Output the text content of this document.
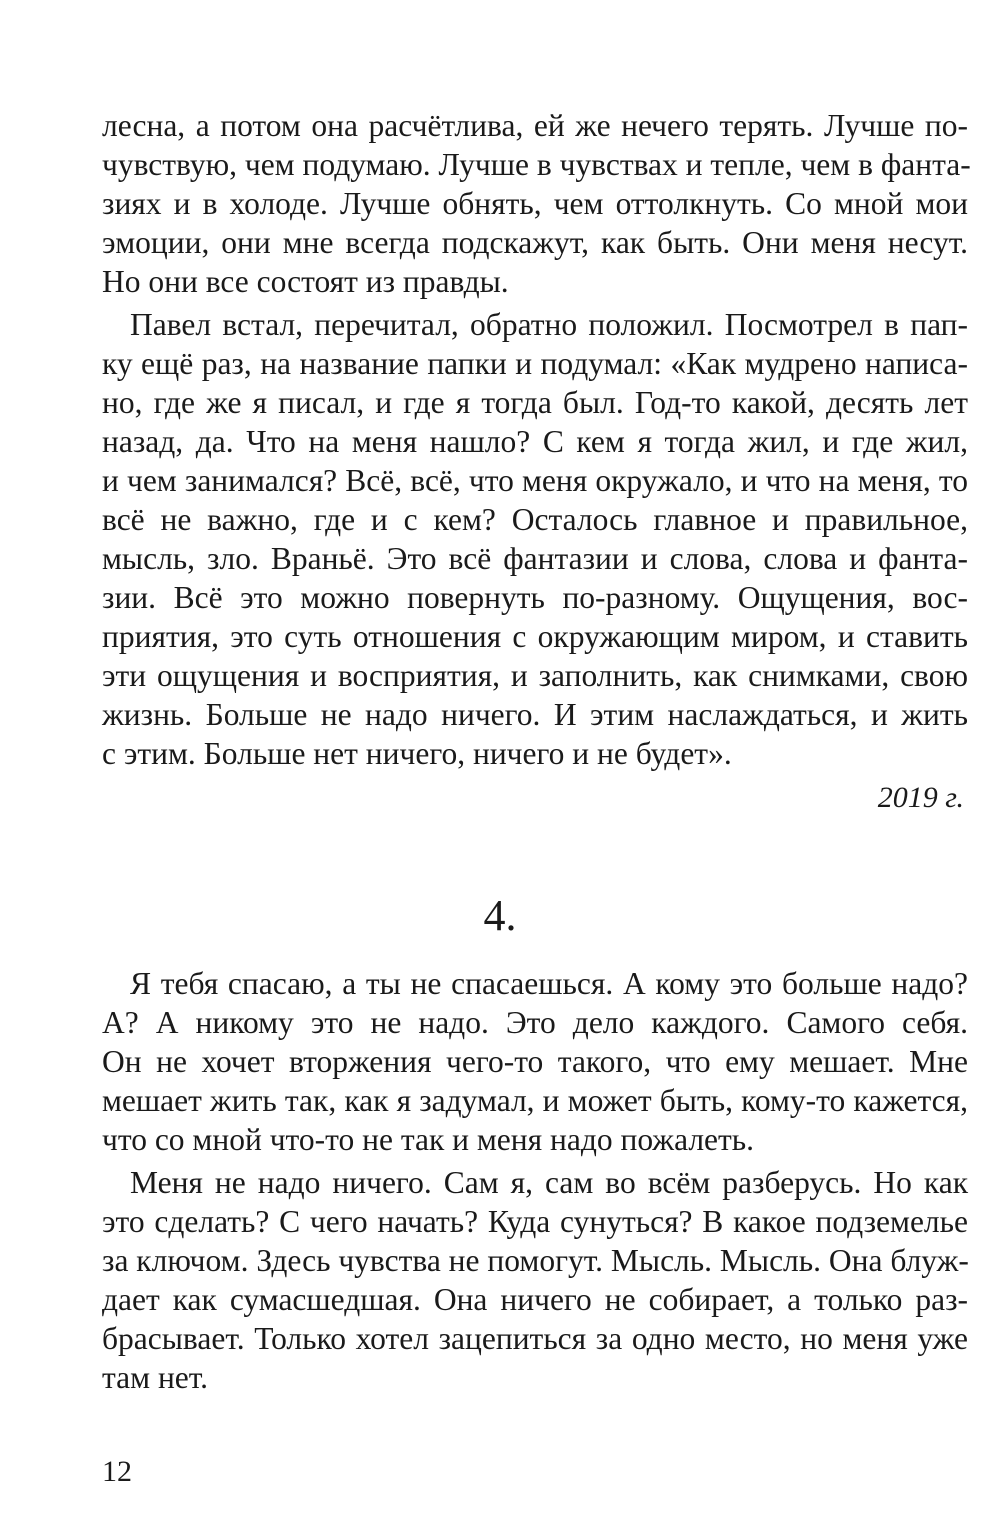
лесна, а потом она расчётлива, ей же нечего терять. Лучше по-
чувствую, чем подумаю. Лучше в чувствах и тепле, чем в фанта-
зиях и в холоде. Лучше обнять, чем оттолкнуть. Со мной мои
эмоции, они мне всегда подскажут, как быть. Они меня несут.
Но они все состоят из правды.
Павел встал, перечитал, обратно положил. Посмотрел в пап-
ку ещё раз, на название папки и подумал: «Как мудрено написа-
но, где же я писал, и где я тогда был. Год-то какой, десять лет
назад, да. Что на меня нашло? С кем я тогда жил, и где жил,
и чем занимался? Всё, всё, что меня окружало, и что на меня, то
всё не важно, где и с кем? Осталось главное и правильное,
мысль, зло. Враньё. Это всё фантазии и слова, слова и фанта-
зии. Всё это можно повернуть по-разному. Ощущения, вос-
приятия, это суть отношения с окружающим миром, и ставить
эти ощущения и восприятия, и заполнить, как снимками, свою
жизнь. Больше не надо ничего. И этим наслаждаться, и жить
с этим. Больше нет ничего, ничего и не будет».
2019 г.
4.
Я тебя спасаю, а ты не спасаешься. А кому это больше надо?
А? А никому это не надо. Это дело каждого. Самого себя.
Он не хочет вторжения чего-то такого, что ему мешает. Мне
мешает жить так, как я задумал, и может быть, кому-то кажется,
что со мной что-то не так и меня надо пожалеть.
Меня не надо ничего. Сам я, сам во всём разберусь. Но как
это сделать? С чего начать? Куда сунуться? В какое подземелье
за ключом. Здесь чувства не помогут. Мысль. Мысль. Она блуж-
дает как сумасшедшая. Она ничего не собирает, а только раз-
брасывает. Только хотел зацепиться за одно место, но меня уже
там нет.
12
